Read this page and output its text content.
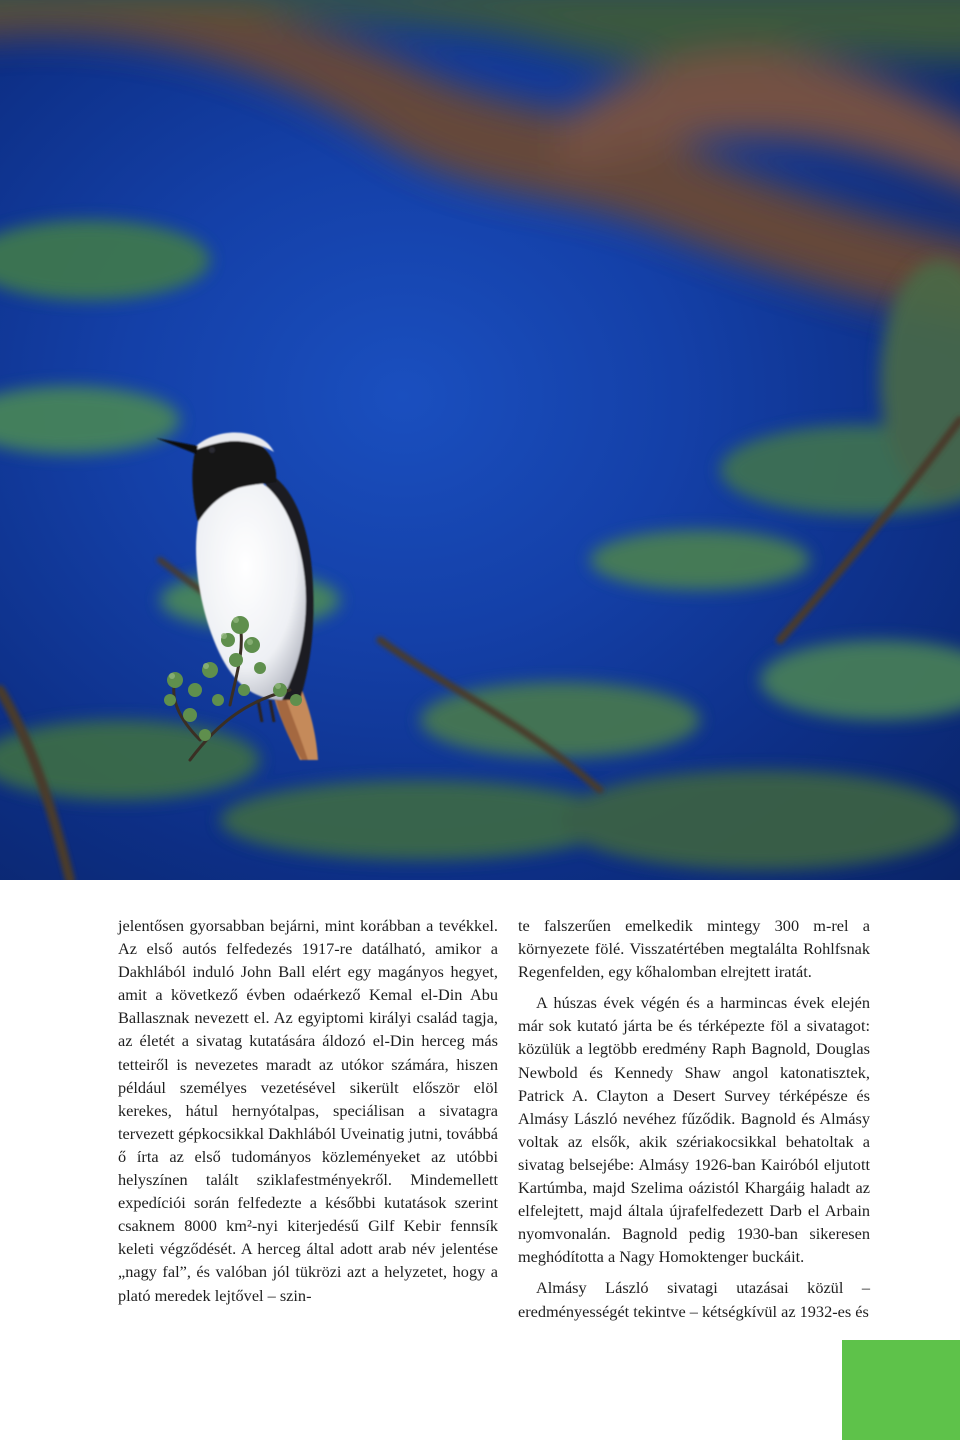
jelentősen gyorsabban bejárni, mint korábban a tevékkel. Az első autós felfedezés 1917-re datálható, amikor a Dakhlából induló John Ball elért egy magányos hegyet, amit a következő évben odaérkező Kemal el-Din Abu Ballasznak nevezett el. Az egyiptomi királyi család tagja, az életét a sivatag kutatására áldozó el-Din herceg más tetteiről is nevezetes maradt az utókor számára, hiszen például személyes vezetésével sikerült először elöl kerekes, hátul hernyótalpas, speciálisan a sivatagra tervezett gépkocsikkal Dakhlából Uveinatig jutni, továbbá ő írta az első tudományos közleményeket az utóbbi helyszínen talált sziklafestményekről. Mindemellett expedíciói során felfedezte a későbbi kutatások szerint csaknem 8000 km²-nyi kiterjedésű Gilf Kebir fennsík keleti végződését. A herceg által adott arab név jelentése „nagy fal”, és valóban jól tükrözi azt a helyzetet, hogy a plató meredek lejtővel – szin-

te falszerűen emelkedik mintegy 300 m-rel a környezete fölé. Visszatértében megtalálta Rohlfsnak Regenfelden, egy kőhalomban elrejtett iratát.

A húszas évek végén és a harmincas évek elején már sok kutató járta be és térképezte föl a sivatagot: közülük a legtöbb eredmény Raph Bagnold, Douglas Newbold és Kennedy Shaw angol katonatisztek, Patrick A. Clayton a Desert Survey térképésze és Almásy László nevéhez fűződik. Bagnold és Almásy voltak az elsők, akik szériakocsikkal behatoltak a sivatag belsejébe: Almásy 1926-ban Kairóból eljutott Kartúmba, majd Szelima oázistól Khargáig haladt az elfelejtett, majd általa újrafelfedezett Darb el Arbain nyomvonalán. Bagnold pedig 1930-ban sikeresen meghódította a Nagy Homoktenger buckáit.

Almásy László sivatagi utazásai közül – eredményességét tekintve – kétségkívül az 1932-es és

35
